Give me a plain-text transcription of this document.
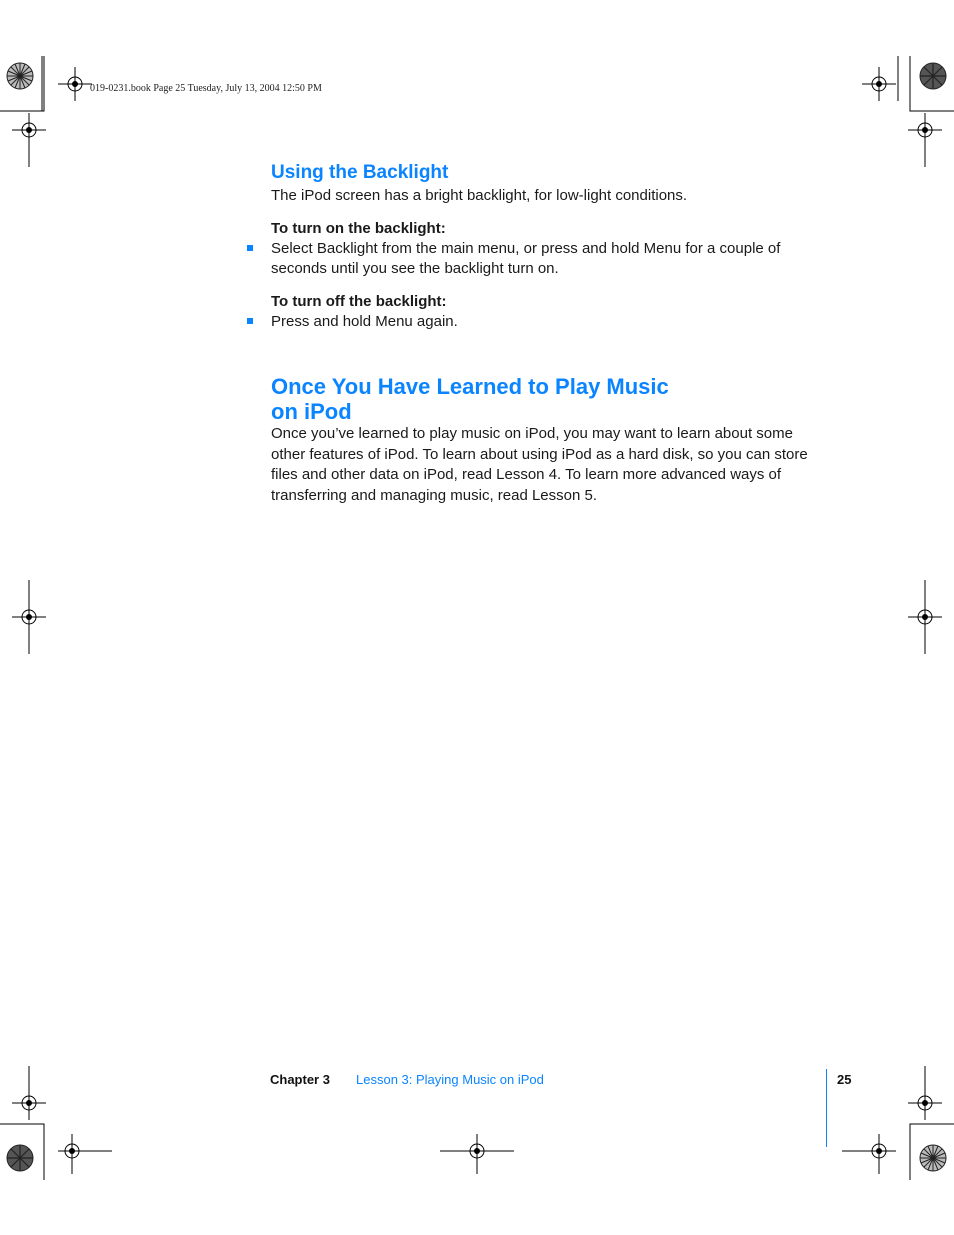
019-0231.book Page 25 Tuesday, July 13, 2004 12:50 PM
Using the Backlight

The iPod screen has a bright backlight, for low-light conditions.

To turn on the backlight:
Select Backlight from the main menu, or press and hold Menu for a couple of seconds until you see the backlight turn on.
To turn off the backlight:
Press and hold Menu again.
Once You Have Learned to Play Music
on iPod

Once you’ve learned to play music on iPod, you may want to learn about some other features of iPod. To learn about using iPod as a hard disk, so you can store files and other data on iPod, read Lesson 4. To learn more advanced ways of transferring and managing music, read Lesson 5.

Chapter 3 Lesson 3: Playing Music on iPod	25
